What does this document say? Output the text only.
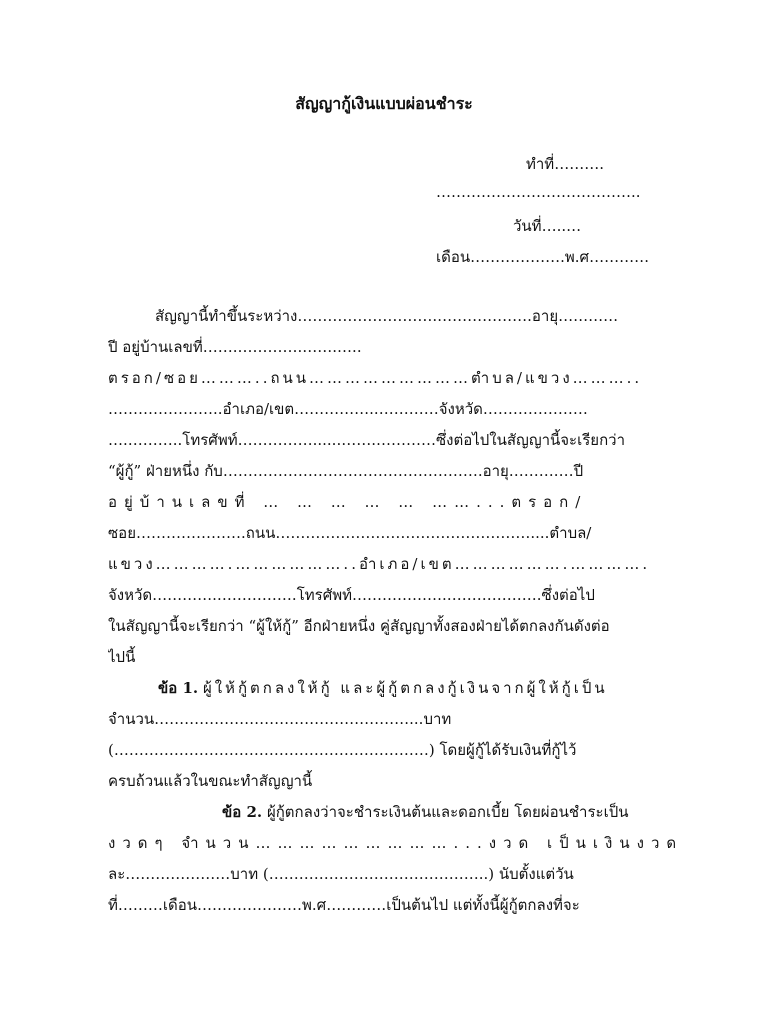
สัญญากู้เงินแบบผ่อนชำระ
ทำที่……….
…………………………………..
วันที่…..…
เดือน……………….พ.ศ…………
สัญญานี้ทำขึ้นระหว่าง……………………….……………….อายุ…………
ปี อยู่บ้านเลขที่…….………….…….…..
ตรอก/ซอย………..ถนน………………………ตำบล/แขวง………..
…………………..อำเภอ/เขต……………..…………จังหวัด…………………
….………..โทรศัพท์……………......…….…………ซึ่งต่อไปในสัญญานี้จะเรียกว่า
“ผู้กู้” ฝ่ายหนึ่ง กับ…………………………………………….อายุ……….…ปี
อยู่บ้านเลขที่ … … … … … ……...ตรอก/
ซอย………………….ถนน……………………………………………....ตำบล/
แขวง………….………………..อำเภอ/เขต……………….………….
จังหวัด………….…………….โทรศัพท์……………….……………….ซึ่งต่อไป
ในสัญญานี้จะเรียกว่า “ผู้ให้กู้” อีกฝ่ายหนึ่ง คู่สัญญาทั้งสองฝ่ายได้ตกลงกันดังต่อ
ไปนี้
ข้อ 1. ผู้ให้กู้ตกลงให้กู้ และผู้กู้ตกลงกู้เงินจากผู้ให้กู้เป็น
จำนวน……………………………………………...บาท
(………………………………………………………) โดยผู้กู้ได้รับเงินที่กู้ไว้
ครบถ้วนแล้วในขณะทำสัญญานี้
ข้อ 2. ผู้กู้ตกลงว่าจะชำระเงินต้นและดอกเบี้ย โดยผ่อนชำระเป็น
งวดๆ จำนวน………………………...งวด เป็นเงินงวด
ละ…………………บาท (……………………………………..) นับตั้งแต่วัน
ที่………เดือน…………………พ.ศ…………เป็นต้นไป แต่ทั้งนี้ผู้กู้ตกลงที่จะ
